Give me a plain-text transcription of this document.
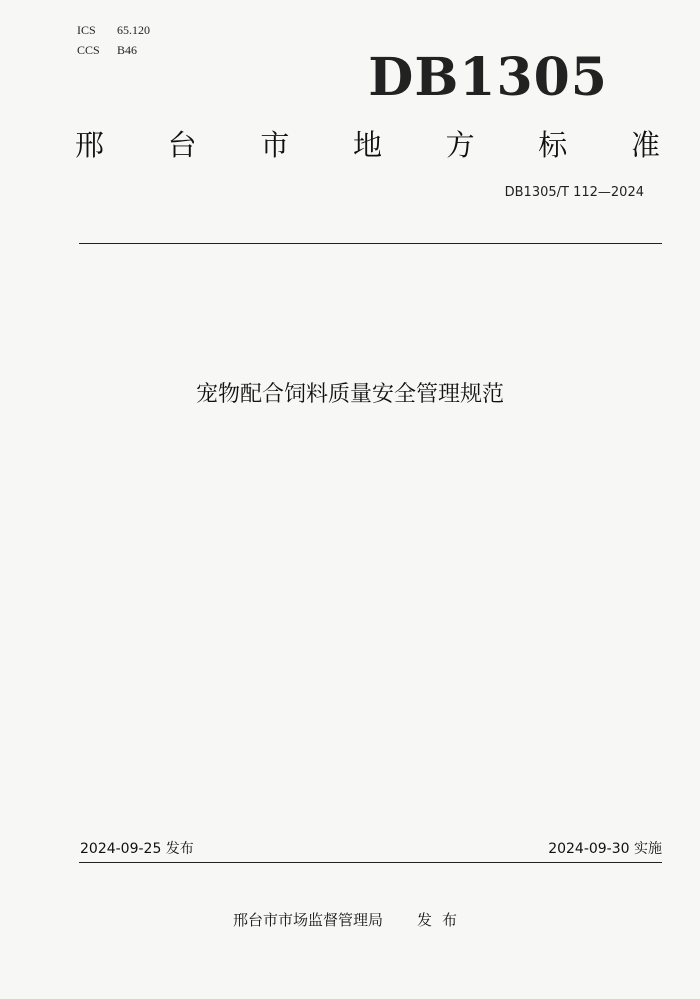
ICS	65.120
CCS	B46	DB1305
邢 台 市 地 方 标 准
DB1305/T 112—2024
宠物配合饲料质量安全管理规范
2024-09-25 发布	2024-09-30 实施
邢台市市场监督管理局 发布
